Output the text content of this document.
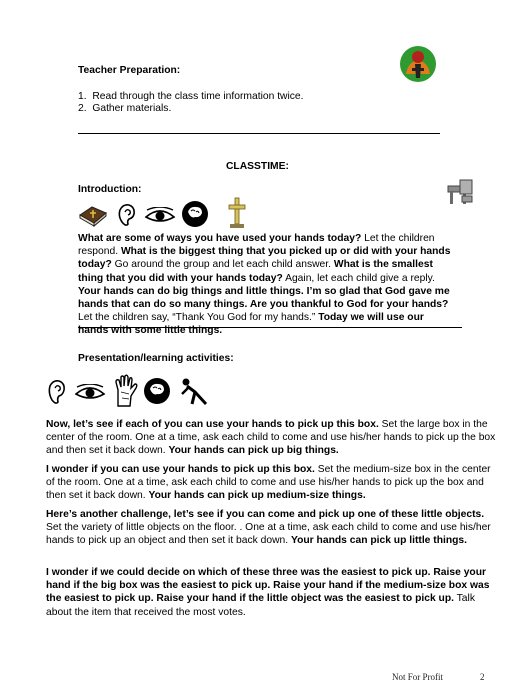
Teacher Preparation:
1. Read through the class time information twice.
2. Gather materials.
CLASSTIME:
Introduction:
What are some of ways you have used your hands today? Let the children respond. What is the biggest thing that you picked up or did with your hands today? Go around the group and let each child answer. What is the smallest thing that you did with your hands today? Again, let each child give a reply. Your hands can do big things and little things. I’m so glad that God gave me hands that can do so many things. Are you thankful to God for your hands? Let the children say, “Thank You God for my hands.” Today we will use our hands with some little things.
Presentation/learning activities:
Now, let’s see if each of you can use your hands to pick up this box. Set the large box in the center of the room. One at a time, ask each child to come and use his/her hands to pick up the box and then set it back down. Your hands can pick up big things.
I wonder if you can use your hands to pick up this box. Set the medium-size box in the center of the room. One at a time, ask each child to come and use his/her hands to pick up the box and then set it back down. Your hands can pick up medium-size things.
Here’s another challenge, let’s see if you can come and pick up one of these little objects. Set the variety of little objects on the floor. . One at a time, ask each child to come and use his/her hands to pick up an object and then set it back down. Your hands can pick up little things.
I wonder if we could decide on which of these three was the easiest to pick up. Raise your hand if the big box was the easiest to pick up. Raise your hand if the medium-size box was the easiest to pick up. Raise your hand if the little object was the easiest to pick up. Talk about the item that received the most votes.
Not For Profit	2
